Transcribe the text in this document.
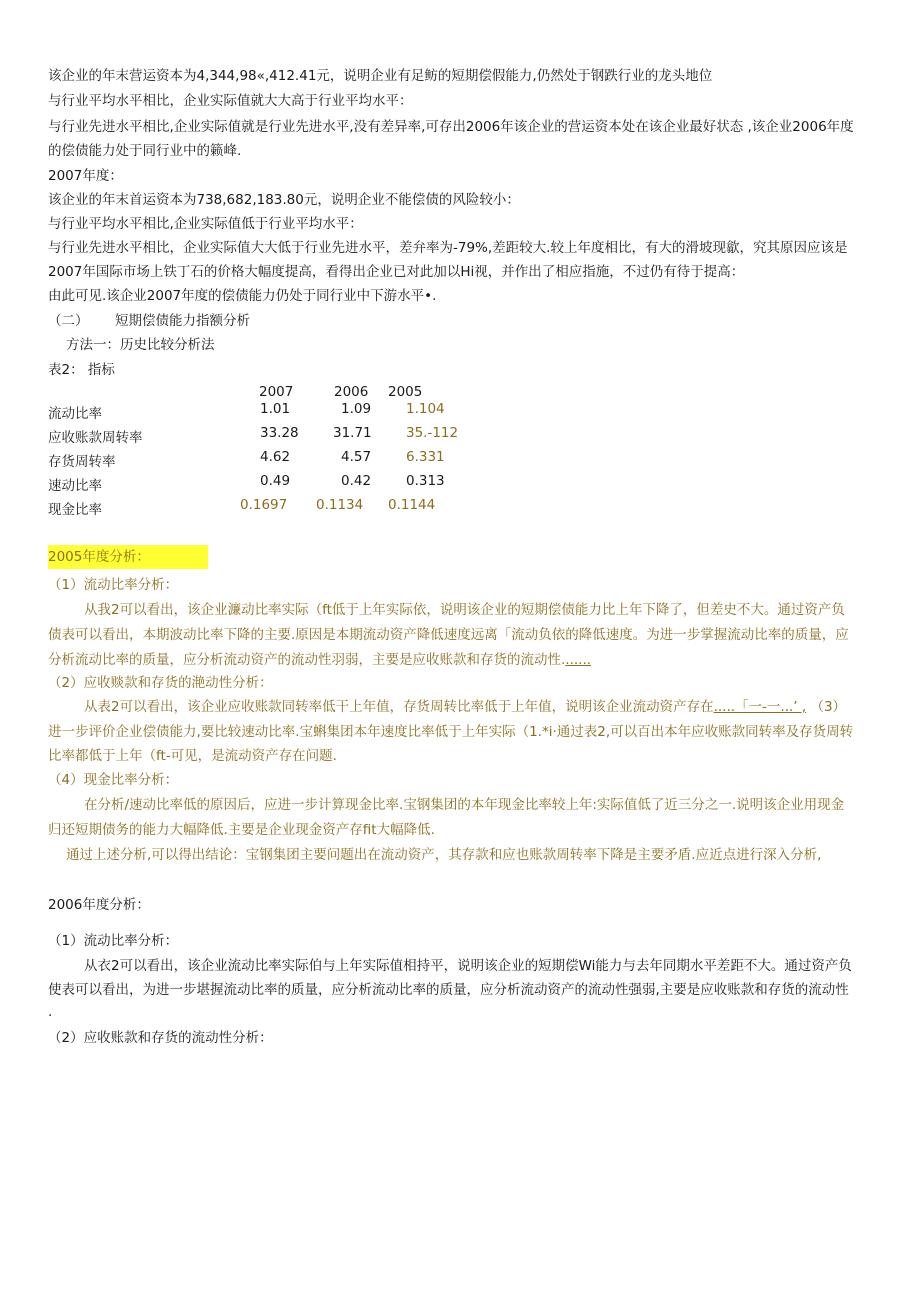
该企业的年末营运资本为4,344,98«,412.41元，说明企业有足鲂的短期偿假能力,仍然处于钢跌行业的龙头地位
与行业平均水平相比，企业实际值就大大高于行业平均水平：
与行业先进水平相比,企业实际值就是行业先进水平,没有差异率,可存出2006年该企业的营运资本处在该企业最好状态 ,该企业2006年度
的偿债能力处于同行业中的籁峰.
2007年度：
该企业的年末首运资本为738,682,183.80元，说明企业不能偿债的风险较小：
与行业平均水平相比,企业实际值低于行业平均水平：
与行业先进水平相比，企业实际值大大低于行业先进水平，差弁率为-79%,差距较大.较上年度相比，有大的滑坡现歙，究其原因应该是
2007年国际市场上铁丁石的价格大幅度提高，看得出企业已对此加以Hi视，并作出了相应指施，不过仍有待于提高：
由此可见.该企业2007年度的偿债能力仍处于同行业中下游水平•.
（二） 短期偿债能力指额分析
方法一：历史比较分析法
表2： 指标
2007	2006 2005
流动比率	1.01	1.09	1.104
应收账款周转率	33.28	31.71	35.-112
存货周转率	4.62	4.57	6.331
速动比率	0.49	0.42	0.313
现金比率	0.1697 0.1134 0.1144
2005年度分析：
（1）流动比率分析：
从我2可以看出，该企业濂动比率实际（ft低于上年实际依，说明该企业的短期偿债能力比上年下降了，但差史不大。通过资产负
债表可以看出，本期波动比率下降的主要.原因是本期流动资产降低速度远离「流动负依的降低速度。为进一步掌握流动比率的质量，应
分析流动比率的质量，应分析流动资产的流动性羽弱，主要是应收账款和存货的流动性.......
（2）应收赕款和存货的滟动性分析：
从表2可以看出，该企业应收账款同转率低干上年值，存货周转比率低于上年值，说明该企业流动资产存在.....「一-一...’ , （3）
进一步评价企业偿债能力,要比较速动比率.宝蝌集团本年速度比率低于上年实际（1.*i·通过表2,可以百出本年应收账款同转率及存货周转
比率都低于上年（ft-可见，是流动资产存在问题.
（4）现金比率分析：
在分析/速动比率低的原因后，应进一步计算现金比率.宝钢集团的本年现金比率较上年:实际值低了近三分之一.说明该企业用现金
归还短期债务的能力大幅降低.主要是企业现金资产存fit大幅降低.
通过上述分析,可以得出结论：宝钢集团主要问题出在流动资产，其存款和应也账款周转率下降是主要矛盾.应近点进行深入分析,
2006年度分析：
（1）流动比率分析：
从衣2可以看出，该企业流动比率实际伯与上年实际值相持平，说明该企业的短期偿Wi能力与去年同期水平差距不大。通过资产负
使表可以看出，为进一步堪握流动比率的质量，应分析流动比率的质量，应分析流动资产的流动性强弱,主要是应收账款和存货的流动性
.
（2）应收账款和存货的流动性分析：
